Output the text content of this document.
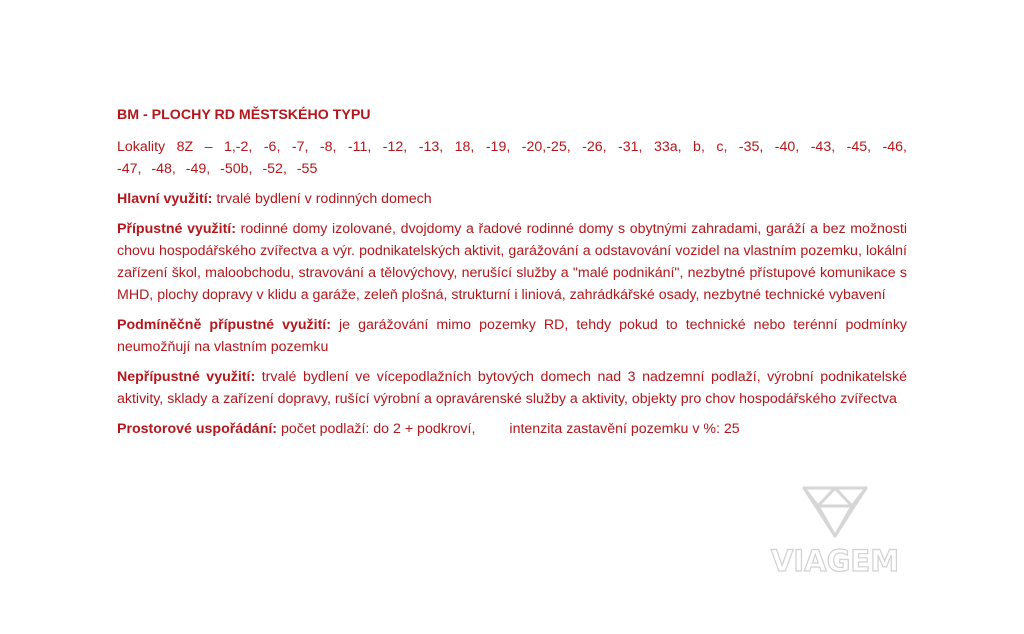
BM - PLOCHY RD MĚSTSKÉHO TYPU

Lokality 8Z – 1,-2, -6, -7, -8, -11, -12, -13, 18, -19, -20,-25, -26, -31, 33a, b, c, -35, -40, -43, -45, -46, -47, -48, -49, -50b, -52, -55

Hlavní využití: trvalé bydlení v rodinných domech

Přípustné využití: rodinné domy izolované, dvojdomy a řadové rodinné domy s obytnými zahradami, garáží a bez možnosti chovu hospodářského zvířectva a výr. podnikatelských aktivit, garážování a odstavování vozidel na vlastním pozemku, lokální zařízení škol, maloobchodu, stravování a tělovýchovy, nerušící služby a "malé podnikání", nezbytné přístupové komunikace s MHD, plochy dopravy v klidu a garáže, zeleň plošná, strukturní i liniová, zahrádkářské osady, nezbytné technické vybavení

Podmíněčně přípustné využití: je garážování mimo pozemky RD, tehdy pokud to technické nebo terénní podmínky neumožňují na vlastním pozemku

Nepřípustné využití: trvalé bydlení ve vícepodlažních bytových domech nad 3 nadzemní podlaží, výrobní podnikatelské aktivity, sklady a zařízení dopravy, rušící výrobní a opravárenské služby a aktivity, objekty pro chov hospodářského zvířectva

Prostorové uspořádání: počet podlaží: do 2 + podkroví, intenzita zastavění pozemku v %: 25

VIAGEM
